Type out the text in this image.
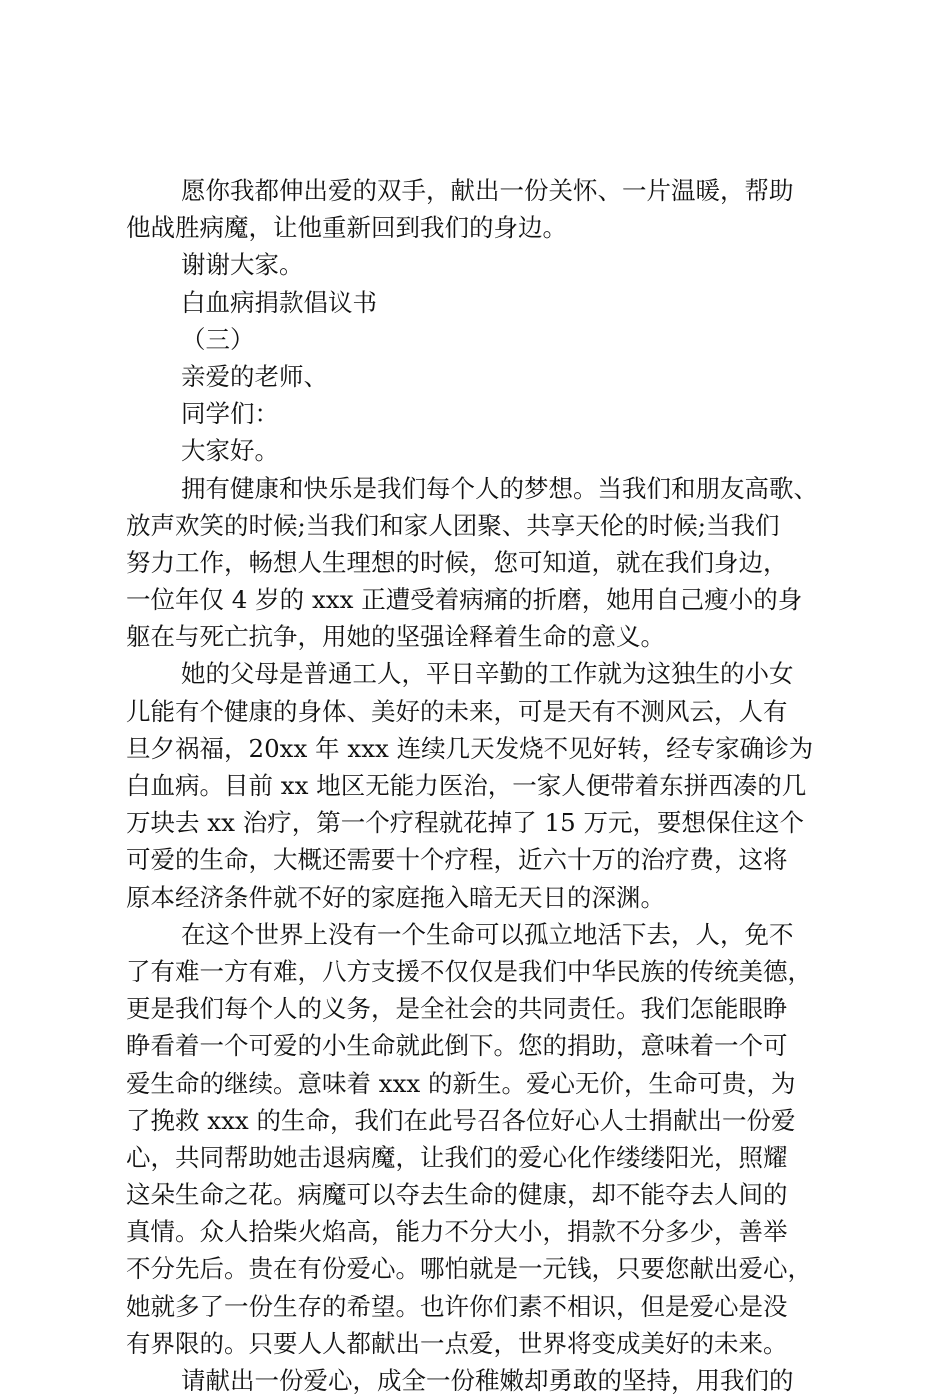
愿你我都伸出爱的双手，献出一份关怀、一片温暖，帮助
他战胜病魔，让他重新回到我们的身边。
谢谢大家。
白血病捐款倡议书
（三）
亲爱的老师、
同学们：
大家好。
拥有健康和快乐是我们每个人的梦想。当我们和朋友高歌、
放声欢笑的时候;当我们和家人团聚、共享天伦的时候;当我们
努力工作，畅想人生理想的时候，您可知道，就在我们身边，
一位年仅 4 岁的 xxx 正遭受着病痛的折磨，她用自己瘦小的身
躯在与死亡抗争，用她的坚强诠释着生命的意义。
她的父母是普通工人，平日辛勤的工作就为这独生的小女
儿能有个健康的身体、美好的未来，可是天有不测风云，人有
旦夕祸福，20xx 年 xxx 连续几天发烧不见好转，经专家确诊为
白血病。目前 xx 地区无能力医治，一家人便带着东拼西凑的几
万块去 xx 治疗，第一个疗程就花掉了 15 万元，要想保住这个
可爱的生命，大概还需要十个疗程，近六十万的治疗费，这将
原本经济条件就不好的家庭拖入暗无天日的深渊。
在这个世界上没有一个生命可以孤立地活下去，人，免不
了有难一方有难，八方支援不仅仅是我们中华民族的传统美德，
更是我们每个人的义务，是全社会的共同责任。我们怎能眼睁
睁看着一个可爱的小生命就此倒下。您的捐助，意味着一个可
爱生命的继续。意味着 xxx 的新生。爱心无价，生命可贵，为
了挽救 xxx 的生命，我们在此号召各位好心人士捐献出一份爱
心，共同帮助她击退病魔，让我们的爱心化作缕缕阳光，照耀
这朵生命之花。病魔可以夺去生命的健康，却不能夺去人间的
真情。众人拾柴火焰高，能力不分大小，捐款不分多少，善举
不分先后。贵在有份爱心。哪怕就是一元钱，只要您献出爱心，
她就多了一份生存的希望。也许你们素不相识，但是爱心是没
有界限的。只要人人都献出一点爱，世界将变成美好的未来。
请献出一份爱心，成全一份稚嫩却勇敢的坚持，用我们的
